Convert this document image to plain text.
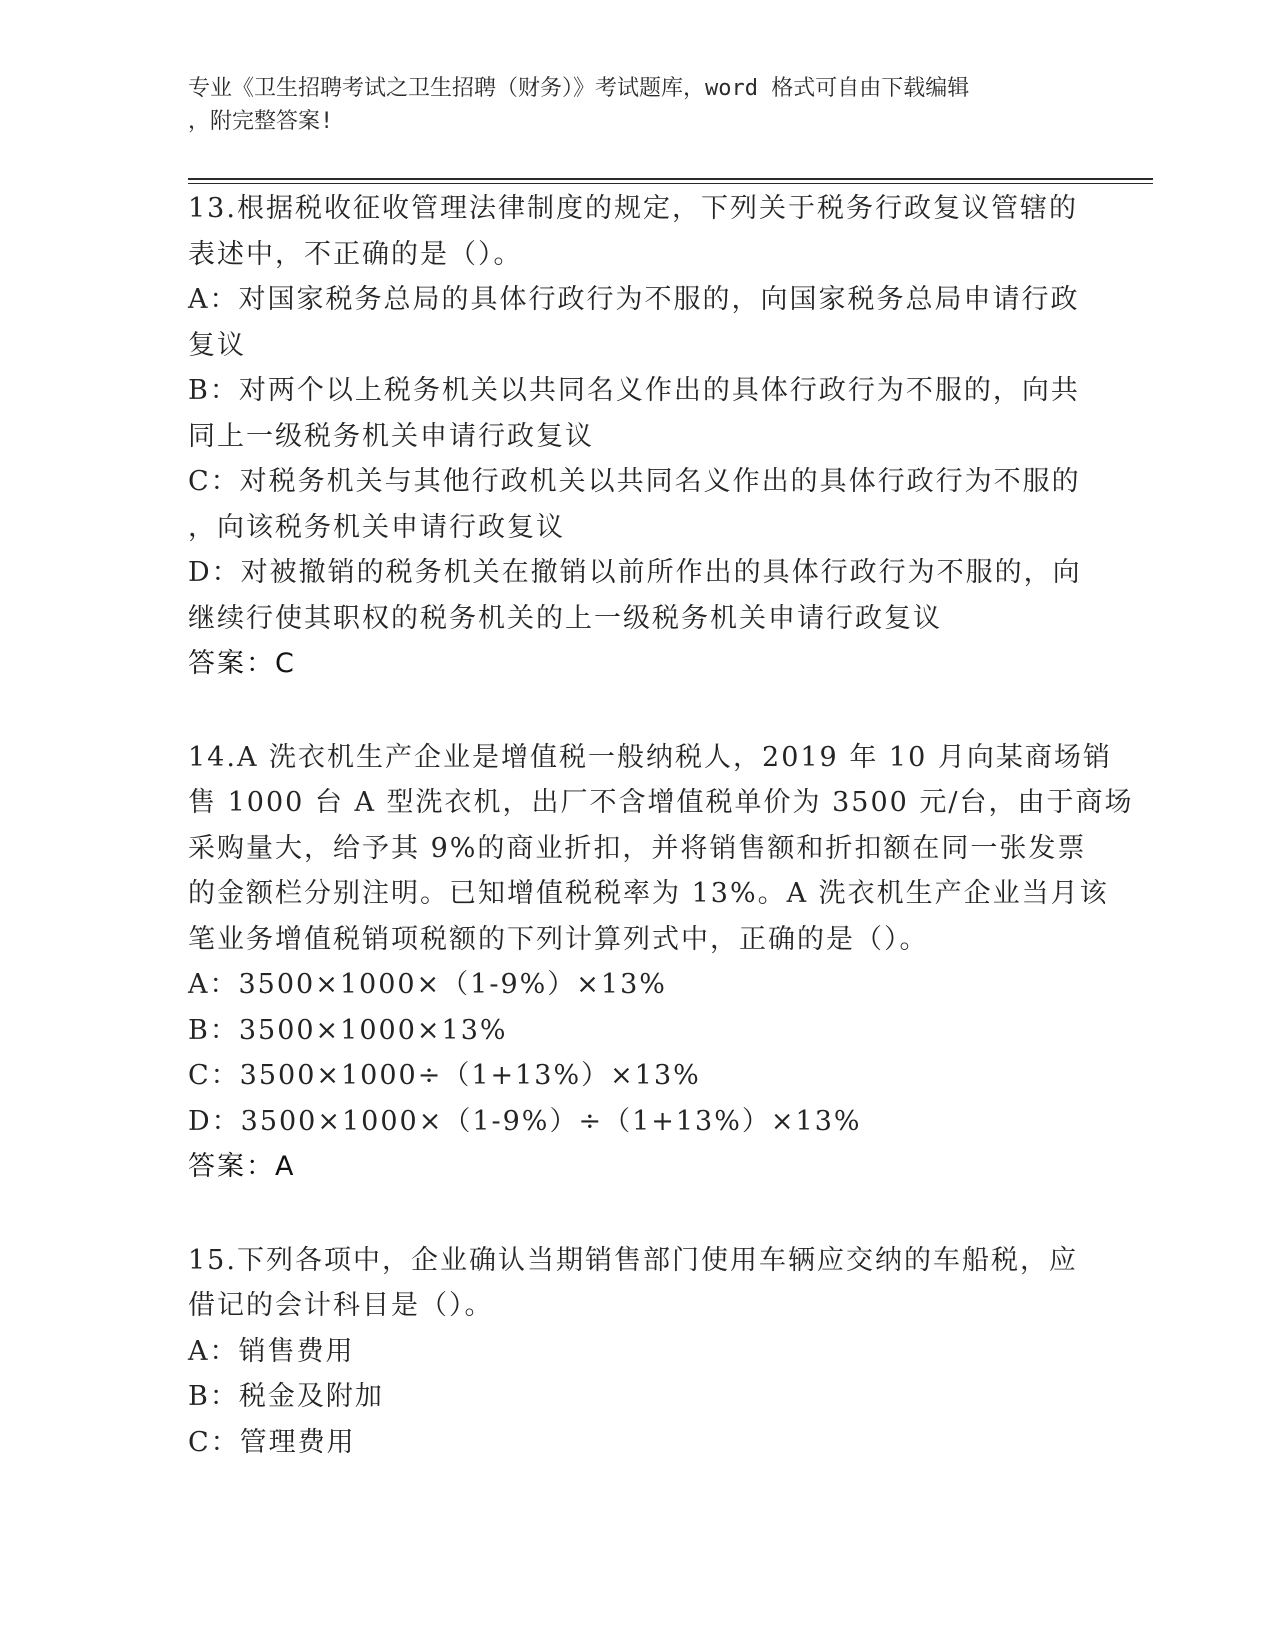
专业《卫生招聘考试之卫生招聘（财务）》考试题库，word 格式可自由下载编辑
，附完整答案!
13.根据税收征收管理法律制度的规定，下列关于税务行政复议管辖的
表述中，不正确的是（）。
A：对国家税务总局的具体行政行为不服的，向国家税务总局申请行政
复议
B：对两个以上税务机关以共同名义作出的具体行政行为不服的，向共
同上一级税务机关申请行政复议
C：对税务机关与其他行政机关以共同名义作出的具体行政行为不服的
，向该税务机关申请行政复议
D：对被撤销的税务机关在撤销以前所作出的具体行政行为不服的，向
继续行使其职权的税务机关的上一级税务机关申请行政复议
答案：C
14.A 洗衣机生产企业是增值税一般纳税人，2019 年 10 月向某商场销
售 1000 台 A 型洗衣机，出厂不含增值税单价为 3500 元/台，由于商场
采购量大，给予其 9%的商业折扣，并将销售额和折扣额在同一张发票
的金额栏分别注明。已知增值税税率为 13%。A 洗衣机生产企业当月该
笔业务增值税销项税额的下列计算列式中，正确的是（）。
A：3500×1000×（1-9%）×13%
B：3500×1000×13%
C：3500×1000÷（1+13%）×13%
D：3500×1000×（1-9%）÷（1+13%）×13%
答案：A
15.下列各项中，企业确认当期销售部门使用车辆应交纳的车船税，应
借记的会计科目是（）。
A：销售费用
B：税金及附加
C：管理费用
